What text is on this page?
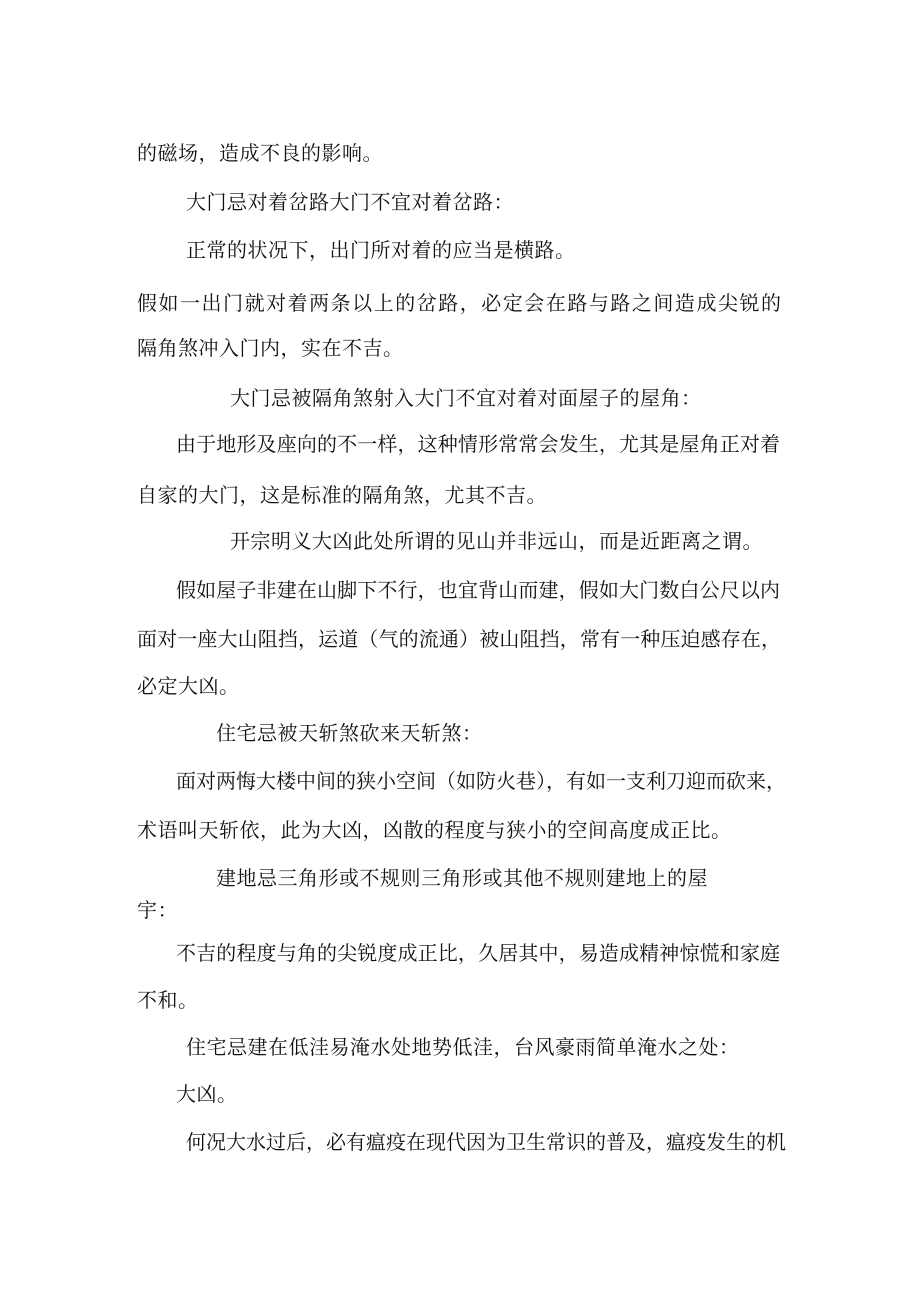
的磁场，造成不良的影响。
大门忌对着岔路大门不宜对着岔路：
正常的状况下，出门所对着的应当是横路。
假如一出门就对着两条以上的岔路，必定会在路与路之间造成尖锐的
隔角煞冲入门内，实在不吉。
大门忌被隔角煞射入大门不宜对着对面屋子的屋角：
由于地形及座向的不一样，这种情形常常会发生，尤其是屋角正对着
自家的大门，这是标准的隔角煞，尤其不吉。
开宗明义大凶此处所谓的见山并非远山，而是近距离之谓。
假如屋子非建在山脚下不行，也宜背山而建，假如大门数白公尺以内
面对一座大山阻挡，运道（气的流通）被山阻挡，常有一种压迫感存在，
必定大凶。
住宅忌被天斩煞砍来天斩煞：
面对两悔大楼中间的狭小空间（如防火巷），有如一支利刀迎而砍来，
术语叫天斩依，此为大凶，凶散的程度与狭小的空间高度成正比。
建地忌三角形或不规则三角形或其他不规则建地上的屋
宇：
不吉的程度与角的尖锐度成正比，久居其中，易造成精神惊慌和家庭
不和。
住宅忌建在低洼易淹水处地势低洼，台风豪雨简单淹水之处：
大凶。
何况大水过后，必有瘟疫在现代因为卫生常识的普及，瘟疫发生的机
